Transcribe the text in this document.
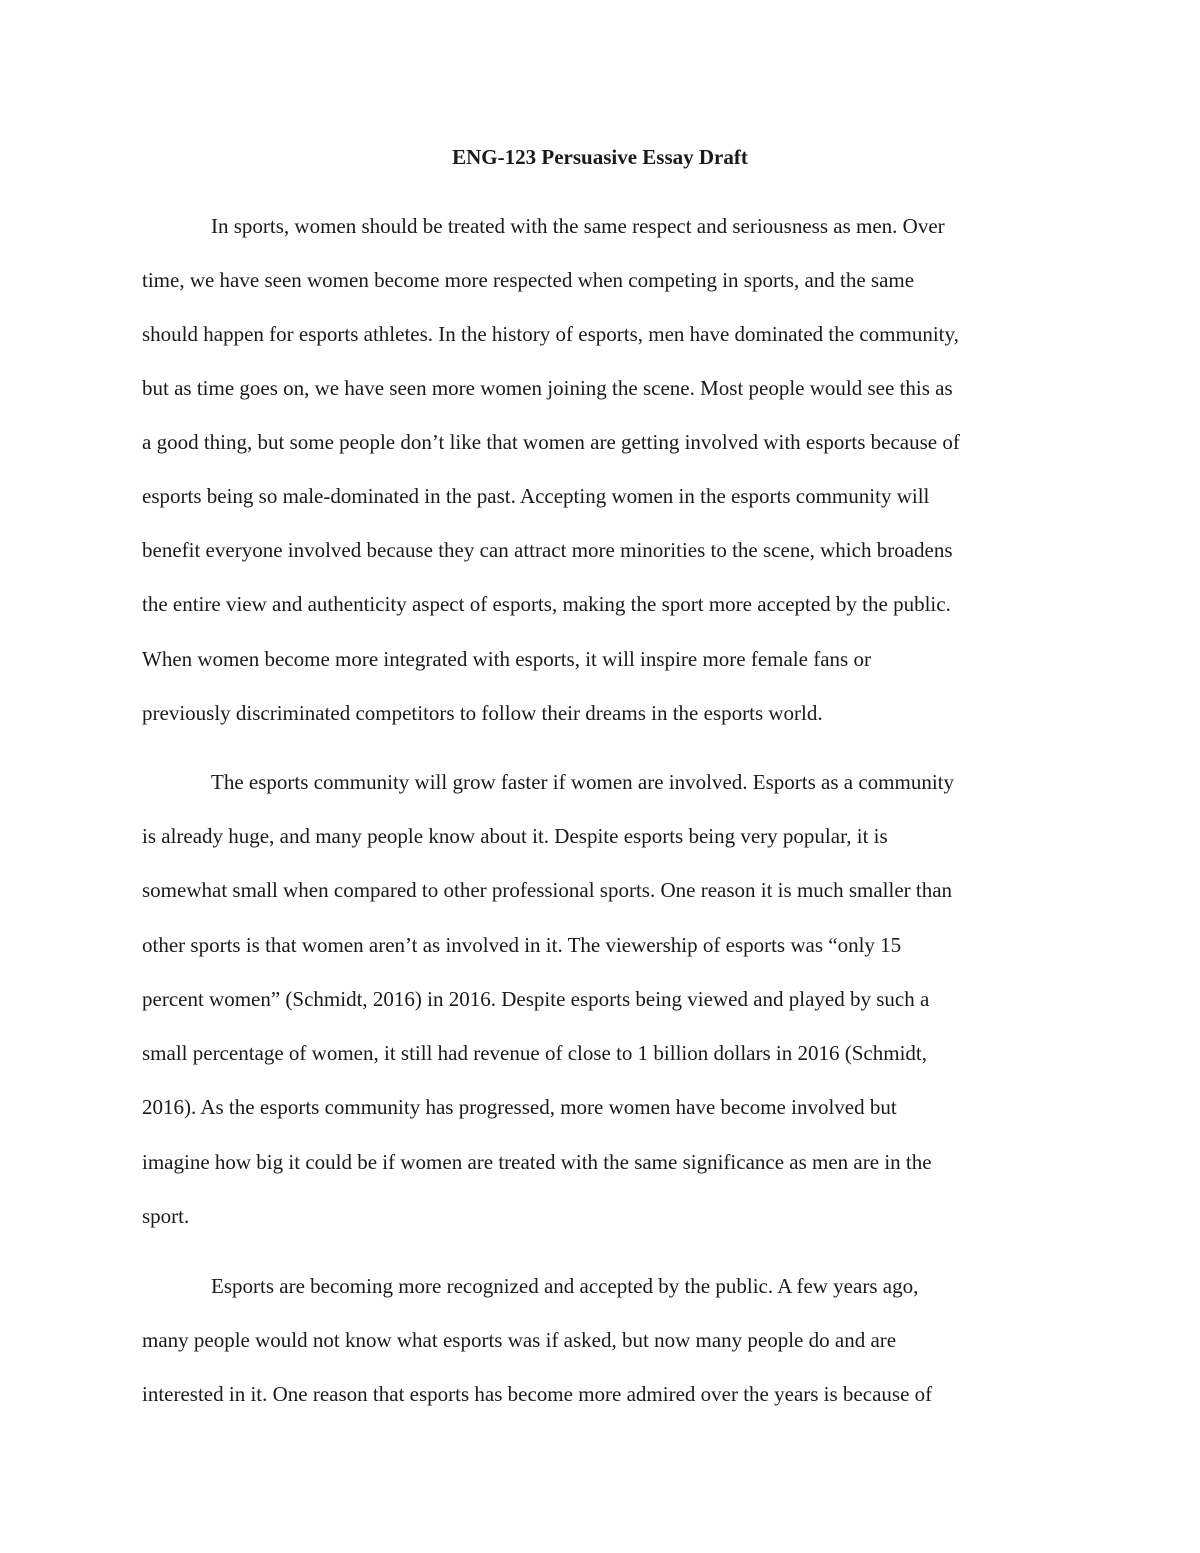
ENG-123 Persuasive Essay Draft

In sports, women should be treated with the same respect and seriousness as men. Over

time, we have seen women become more respected when competing in sports, and the same

should happen for esports athletes. In the history of esports, men have dominated the community,

but as time goes on, we have seen more women joining the scene. Most people would see this as

a good thing, but some people don’t like that women are getting involved with esports because of

esports being so male-dominated in the past. Accepting women in the esports community will

benefit everyone involved because they can attract more minorities to the scene, which broadens

the entire view and authenticity aspect of esports, making the sport more accepted by the public.

When women become more integrated with esports, it will inspire more female fans or

previously discriminated competitors to follow their dreams in the esports world.

The esports community will grow faster if women are involved. Esports as a community

is already huge, and many people know about it. Despite esports being very popular, it is

somewhat small when compared to other professional sports. One reason it is much smaller than

other sports is that women aren’t as involved in it. The viewership of esports was “only 15

percent women” (Schmidt, 2016) in 2016. Despite esports being viewed and played by such a

small percentage of women, it still had revenue of close to 1 billion dollars in 2016 (Schmidt,

2016). As the esports community has progressed, more women have become involved but

imagine how big it could be if women are treated with the same significance as men are in the

sport.

Esports are becoming more recognized and accepted by the public. A few years ago,

many people would not know what esports was if asked, but now many people do and are

interested in it. One reason that esports has become more admired over the years is because of
